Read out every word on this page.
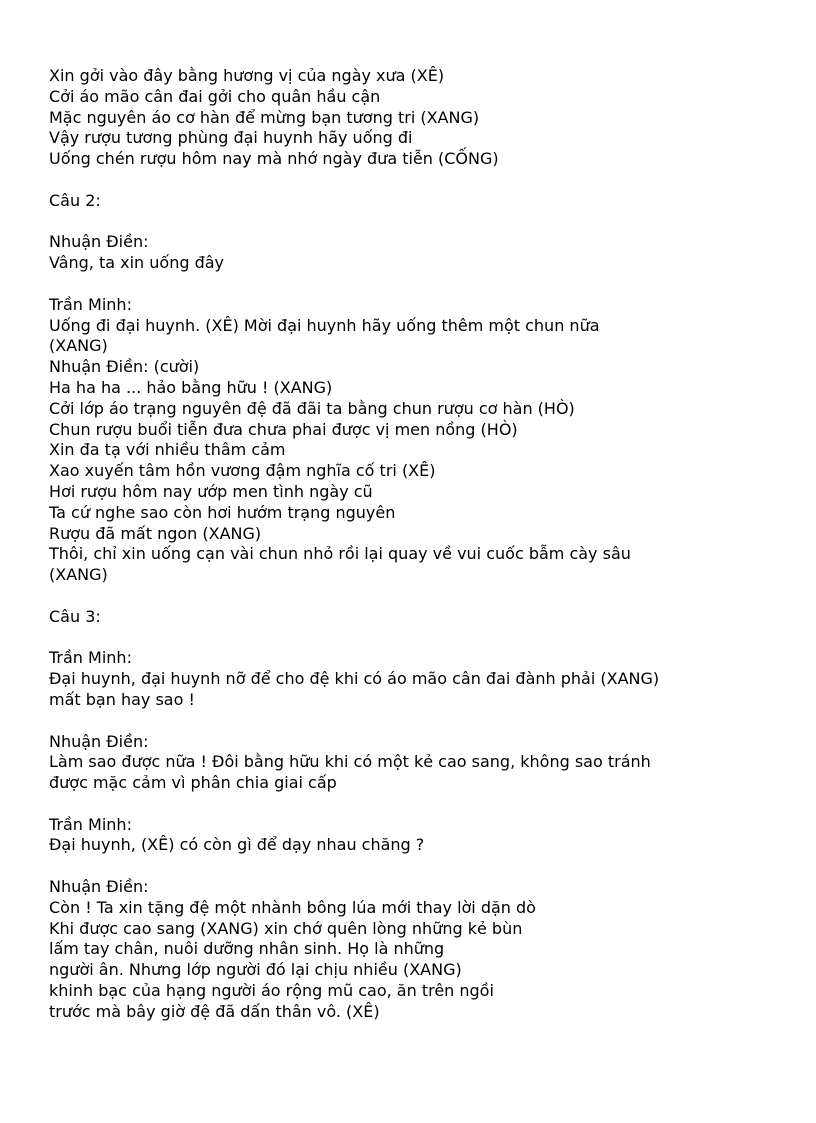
Xin gởi vào đây bằng hương vị của ngày xưa (XÊ)
Cởi áo mão cân đai gởi cho quân hầu cận
Mặc nguyên áo cơ hàn để mừng bạn tương tri (XANG)
Vậy rượu tương phùng đại huynh hãy uống đi
Uống chén rượu hôm nay mà nhớ ngày đưa tiễn (CỐNG)
Câu 2:
Nhuận Điền:
Vâng, ta xin uống đây
Trần Minh:
Uống đi đại huynh. (XÊ) Mời đại huynh hãy uống thêm một chun nữa
(XANG)
Nhuận Điền: (cười)
Ha ha ha ... hảo bằng hữu ! (XANG)
Cởi lớp áo trạng nguyên đệ đã đãi ta bằng chun rượu cơ hàn (HÒ)
Chun rượu buổi tiễn đưa chưa phai được vị men nồng (HÒ)
Xin đa tạ với nhiều thâm cảm
Xao xuyến tâm hồn vương đậm nghĩa cố tri (XÊ)
Hơi rượu hôm nay ướp men tình ngày cũ
Ta cứ nghe sao còn hơi hướm trạng nguyên
Rượu đã mất ngon (XANG)
Thôi, chỉ xin uống cạn vài chun nhỏ rồi lại quay về vui cuốc bẫm cày sâu
(XANG)
Câu 3:
Trần Minh:
Đại huynh, đại huynh nỡ để cho đệ khi có áo mão cân đai đành phải (XANG)
mất bạn hay sao !
Nhuận Điền:
Làm sao được nữa ! Đôi bằng hữu khi có một kẻ cao sang, không sao tránh
được mặc cảm vì phân chia giai cấp
Trần Minh:
Đại huynh, (XÊ) có còn gì để dạy nhau chăng ?
Nhuận Điền:
Còn ! Ta xin tặng đệ một nhành bông lúa mới thay lời dặn dò
Khi được cao sang (XANG) xin chớ quên lòng những kẻ bùn
lấm tay chân, nuôi dưỡng nhân sinh. Họ là những
người ân. Nhưng lớp người đó lại chịu nhiều (XANG)
khinh bạc của hạng người áo rộng mũ cao, ăn trên ngồi
trước mà bây giờ đệ đã dấn thân vô. (XÊ)
